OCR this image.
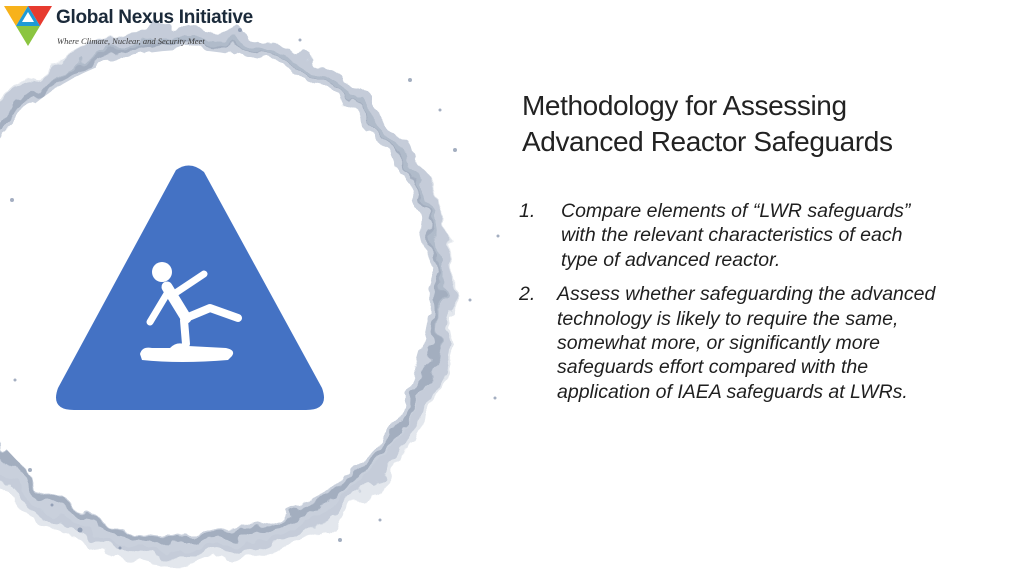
Global Nexus Initiative
Where Climate, Nuclear, and Security Meet
Methodology for Assessing
Advanced Reactor Safeguards
1. Compare elements of “LWR safeguards” with the relevant characteristics of each type of advanced reactor.
2. Assess whether safeguarding the advanced technology is likely to require the same, somewhat more, or significantly more safeguards effort compared with the application of IAEA safeguards at LWRs.
